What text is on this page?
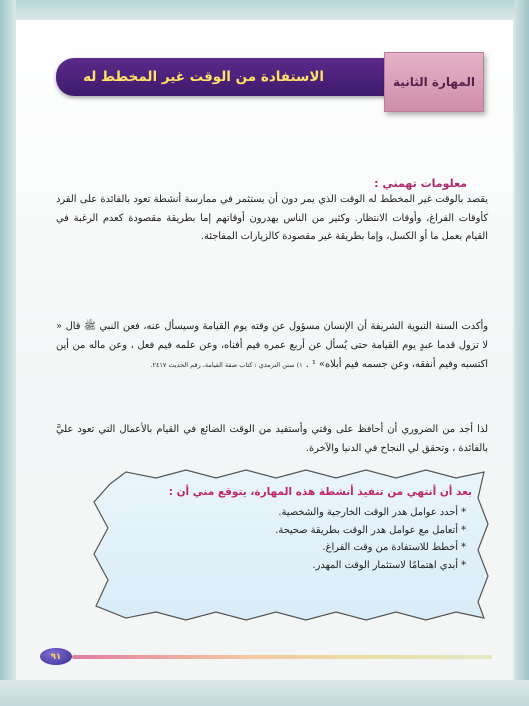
الاستفادة من الوقت غير المخطط له	المهارة الثانية
معلومات تهمني :
يقصد بالوقت غير المخطط له الوقت الذي يمر دون أن يستثمر في ممارسة أنشطة تعود بالفائدة على الفرد كأوقات الفراغ، وأوقات الانتظار. وكثير من الناس يهدرون أوقاتهم إما بطريقة مقصودة كعدم الرغبة في القيام بعمل ما أو الكسل، وإما بطريقة غير مقصودة كالزيارات المفاجئة.
وأكدت السنة النبوية الشريفة أن الإنسان مسؤول عن وقته يوم القيامة وسيسأل عنه، فعن النبي ﷺ قال « لا تزول قدما عبدٍ يوم القيامة حتى يُسأل عن أربع عمره فيم أفناه، وعن علمه فيم فعل ، وعن ماله من أين اكتسبه وفيم أنفقه، وعن جسمه فيم أبلاه» ¹ . ١) سنن الترمذي : كتاب صفة القيامة، رقم الحديث ٢٤١٧.
لذا أجد من الضروري أن أحافظ على وقتي وأستفيد من الوقت الضائع في القيام بالأعمال التي تعود عليَّ بالفائدة ، وتحقق لي النجاح في الدنيا والآخرة.
بعد أن أنتهي من تنفيذ أنشطة هذه المهارة، يتوقع مني أن :
* أحدد عوامل هدر الوقت الخارجية والشخصية.
* أتعامل مع عوامل هدر الوقت بطريقة صحيحة.
* أخطط للاستفادة من وقت الفراغ.
* أبدي اهتمامًا لاستثمار الوقت المهدر.
٩١
